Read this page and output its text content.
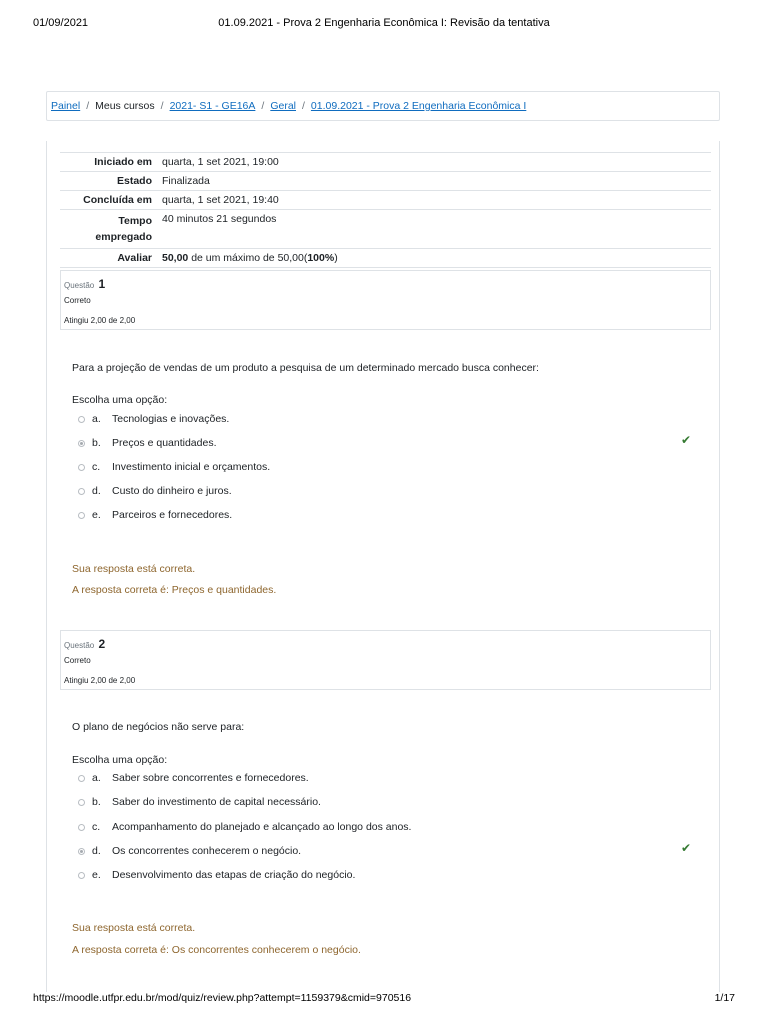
01/09/2021	01.09.2021 - Prova 2 Engenharia Econômica I: Revisão da tentativa
Painel / Meus cursos / 2021- S1 - GE16A / Geral / 01.09.2021 - Prova 2 Engenharia Econômica I
Iniciado em	quarta, 1 set 2021, 19:00
Estado	Finalizada
Concluída em	quarta, 1 set 2021, 19:40
Tempo empregado	40 minutos 21 segundos
Avaliar	50,00 de um máximo de 50,00(100%)
Questão 1
Correto
Atingiu 2,00 de 2,00
Para a projeção de vendas de um produto a pesquisa de um determinado mercado busca conhecer:
Escolha uma opção:
a.	Tecnologias e inovações.
b.	Preços e quantidades.	✔
c.	Investimento inicial e orçamentos.
d.	Custo do dinheiro e juros.
e.	Parceiros e fornecedores.
Sua resposta está correta.
A resposta correta é: Preços e quantidades.
Questão 2
Correto
Atingiu 2,00 de 2,00
O plano de negócios não serve para:
Escolha uma opção:
a.	Saber sobre concorrentes e fornecedores.
b.	Saber do investimento de capital necessário.
c.	Acompanhamento do planejado e alcançado ao longo dos anos.
d.	Os concorrentes conhecerem o negócio.	✔
e.	Desenvolvimento das etapas de criação do negócio.
Sua resposta está correta.
A resposta correta é: Os concorrentes conhecerem o negócio.
https://moodle.utfpr.edu.br/mod/quiz/review.php?attempt=1159379&cmid=970516	1/17
